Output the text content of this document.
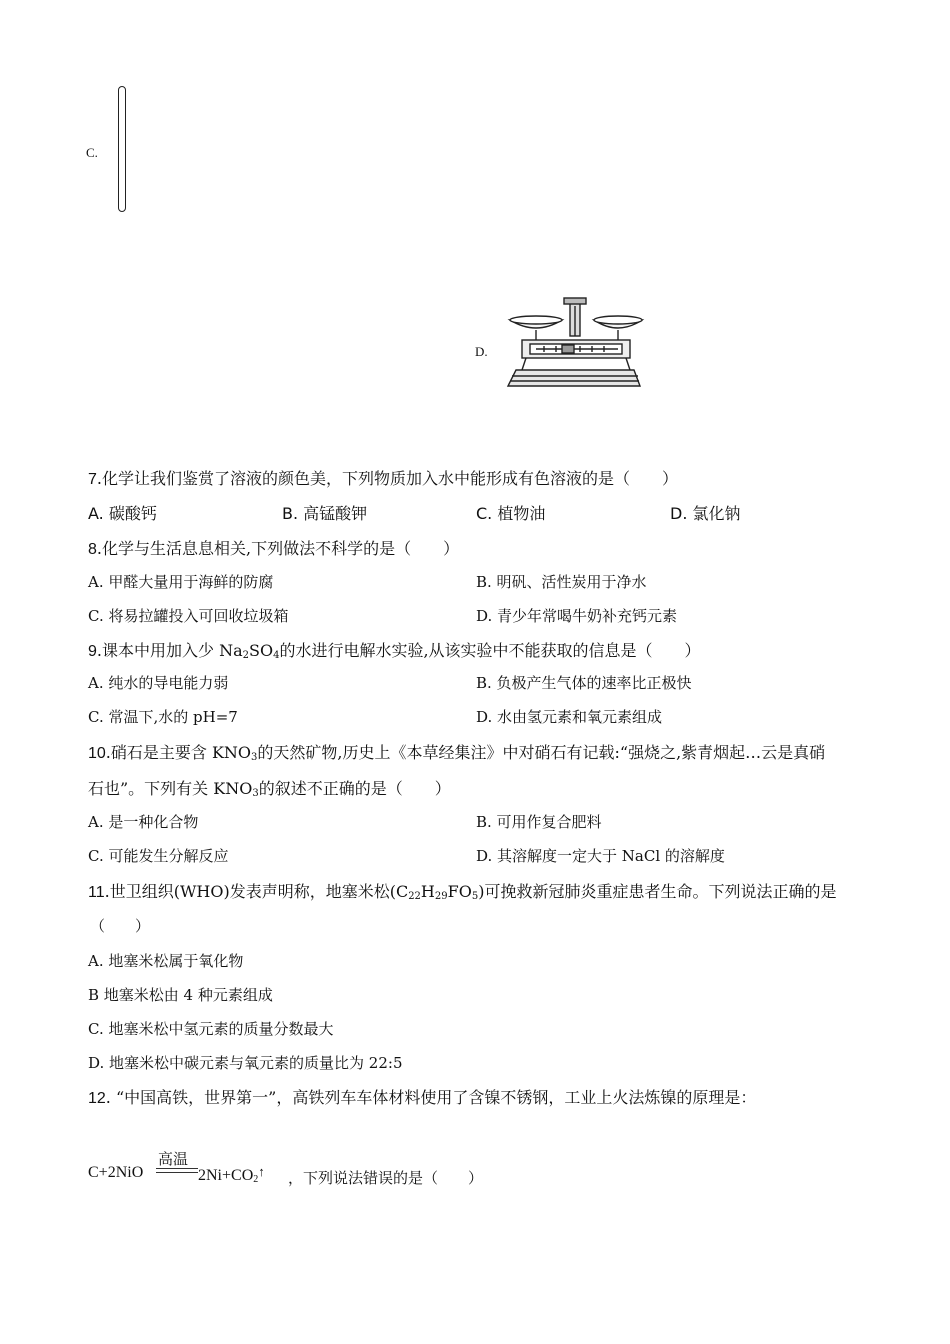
C.
D.
7.化学让我们鉴赏了溶液的颜色美，下列物质加入水中能形成有色溶液的是（　　）
A. 碳酸钙	B. 高锰酸钾	C. 植物油	D. 氯化钠
8.化学与生活息息相关,下列做法不科学的是（　　）
A. 甲醛大量用于海鲜的防腐	B. 明矾、活性炭用于净水
C. 将易拉罐投入可回收垃圾箱	D. 青少年常喝牛奶补充钙元素
9.课本中用加入少 $Na_2SO_4$的水进行电解水实验,从该实验中不能获取的信息是（　　）
A. 纯水的导电能力弱	B. 负极产生气体的速率比正极快
C. 常温下,水的 pH=7	D. 水由氢元素和氧元素组成
10.硝石是主要含 $KNO_3$的天然矿物,历史上《本草经集注》中对硝石有记载:“强烧之,紫青烟起…云是真硝
石也”。下列有关 $KNO_3$的叙述不正确的是（　　）
A. 是一种化合物	B. 可用作复合肥料
C. 可能发生分解反应	D. 其溶解度一定大于 NaCl 的溶解度
11.世卫组织(WHO)发表声明称，地塞米松$(C_{22}H_{29}FO_5)$可挽救新冠肺炎重症患者生命。下列说法正确的是
（　　）
A. 地塞米松属于氧化物
B 地塞米松由 4 种元素组成
C. 地塞米松中氢元素的质量分数最大
D. 地塞米松中碳元素与氧元素的质量比为 22:5
12. “中国高铁，世界第一”，高铁列车车体材料使用了含镍不锈钢，工业上火法炼镍的原理是：
C+2NiO
高温
$2Ni+CO_2^↑$ ，下列说法错误的是（　　）
